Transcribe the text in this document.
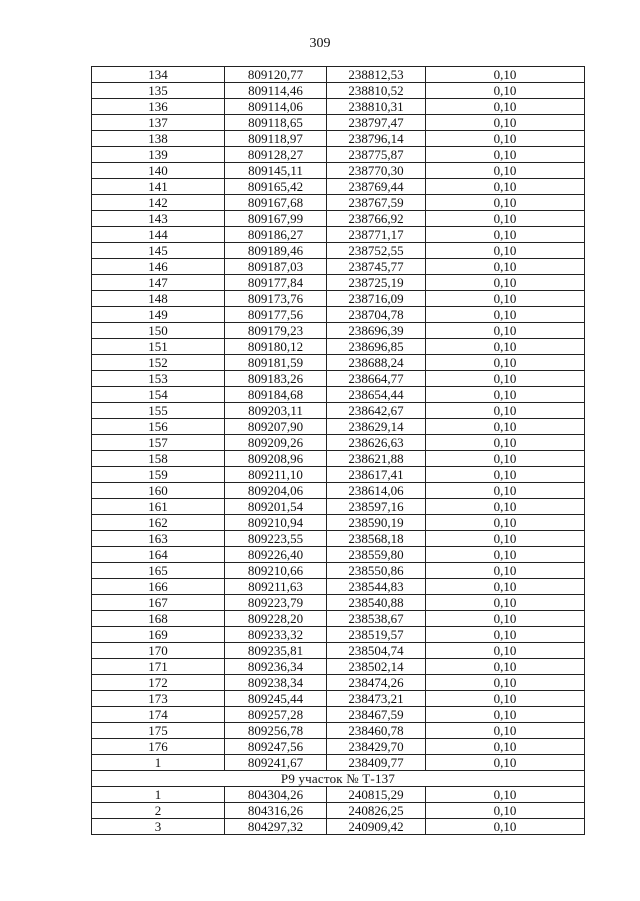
309
134	809120,77	238812,53	0,10
135	809114,46	238810,52	0,10
136	809114,06	238810,31	0,10
137	809118,65	238797,47	0,10
138	809118,97	238796,14	0,10
139	809128,27	238775,87	0,10
140	809145,11	238770,30	0,10
141	809165,42	238769,44	0,10
142	809167,68	238767,59	0,10
143	809167,99	238766,92	0,10
144	809186,27	238771,17	0,10
145	809189,46	238752,55	0,10
146	809187,03	238745,77	0,10
147	809177,84	238725,19	0,10
148	809173,76	238716,09	0,10
149	809177,56	238704,78	0,10
150	809179,23	238696,39	0,10
151	809180,12	238696,85	0,10
152	809181,59	238688,24	0,10
153	809183,26	238664,77	0,10
154	809184,68	238654,44	0,10
155	809203,11	238642,67	0,10
156	809207,90	238629,14	0,10
157	809209,26	238626,63	0,10
158	809208,96	238621,88	0,10
159	809211,10	238617,41	0,10
160	809204,06	238614,06	0,10
161	809201,54	238597,16	0,10
162	809210,94	238590,19	0,10
163	809223,55	238568,18	0,10
164	809226,40	238559,80	0,10
165	809210,66	238550,86	0,10
166	809211,63	238544,83	0,10
167	809223,79	238540,88	0,10
168	809228,20	238538,67	0,10
169	809233,32	238519,57	0,10
170	809235,81	238504,74	0,10
171	809236,34	238502,14	0,10
172	809238,34	238474,26	0,10
173	809245,44	238473,21	0,10
174	809257,28	238467,59	0,10
175	809256,78	238460,78	0,10
176	809247,56	238429,70	0,10
1	809241,67	238409,77	0,10
Р9 участок № Т-137			
1	804304,26	240815,29	0,10
2	804316,26	240826,25	0,10
3	804297,32	240909,42	0,10
